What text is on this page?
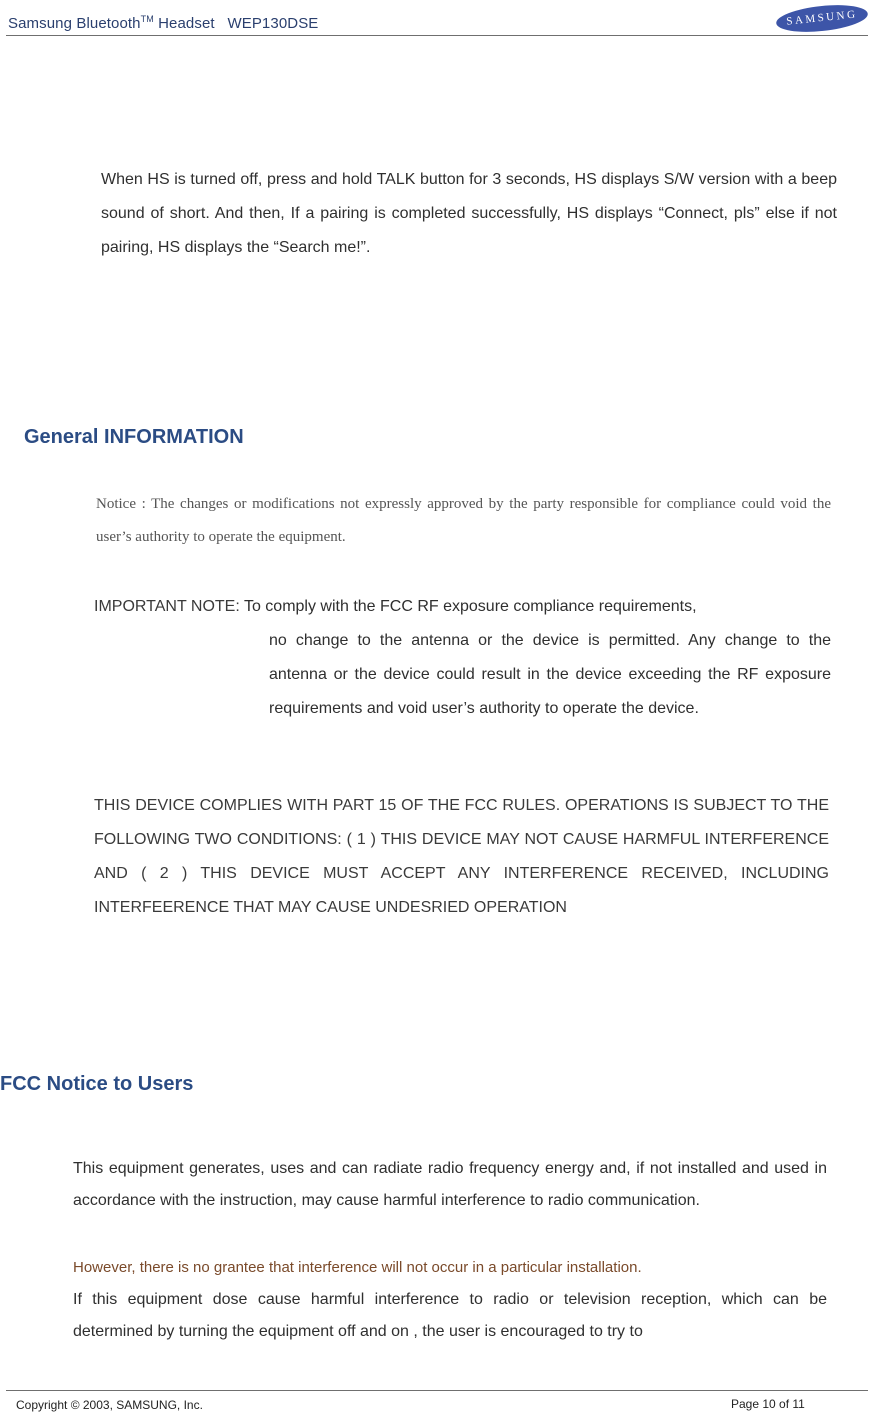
Samsung Bluetooth™ Headset   WEP130DSE	SAMSUNG
When HS is turned off, press and hold TALK button for 3 seconds, HS displays S/W version with a beep sound of short. And then, If a pairing is completed successfully, HS displays “Connect, pls” else if not pairing, HS displays the “Search me!”.
General INFORMATION
Notice : The changes or modifications not expressly approved by the party responsible for compliance could void the user’s authority to operate the equipment.
IMPORTANT NOTE: To comply with the FCC RF exposure compliance requirements,
no change to the antenna or the device is permitted. Any change to the antenna or the device could result in the device exceeding the RF exposure requirements and void user’s authority to operate the device.
THIS DEVICE COMPLIES WITH PART 15 OF THE FCC RULES. OPERATIONS IS SUBJECT TO THE FOLLOWING TWO CONDITIONS: ( 1 ) THIS DEVICE MAY NOT CAUSE HARMFUL INTERFERENCE AND ( 2 ) THIS DEVICE MUST ACCEPT ANY INTERFERENCE RECEIVED, INCLUDING INTERFEERENCE THAT MAY CAUSE UNDESRIED OPERATION
FCC Notice to Users
This equipment generates, uses and can radiate radio frequency energy and, if not installed and used in accordance with the instruction, may cause harmful interference to radio communication.
However, there is no grantee that interference will not occur in a particular installation.
If this equipment dose cause harmful interference to radio or television reception, which can be determined by turning the equipment off and on , the user is encouraged to try to
Copyright © 2003, SAMSUNG, Inc.	Page 10 of 11
